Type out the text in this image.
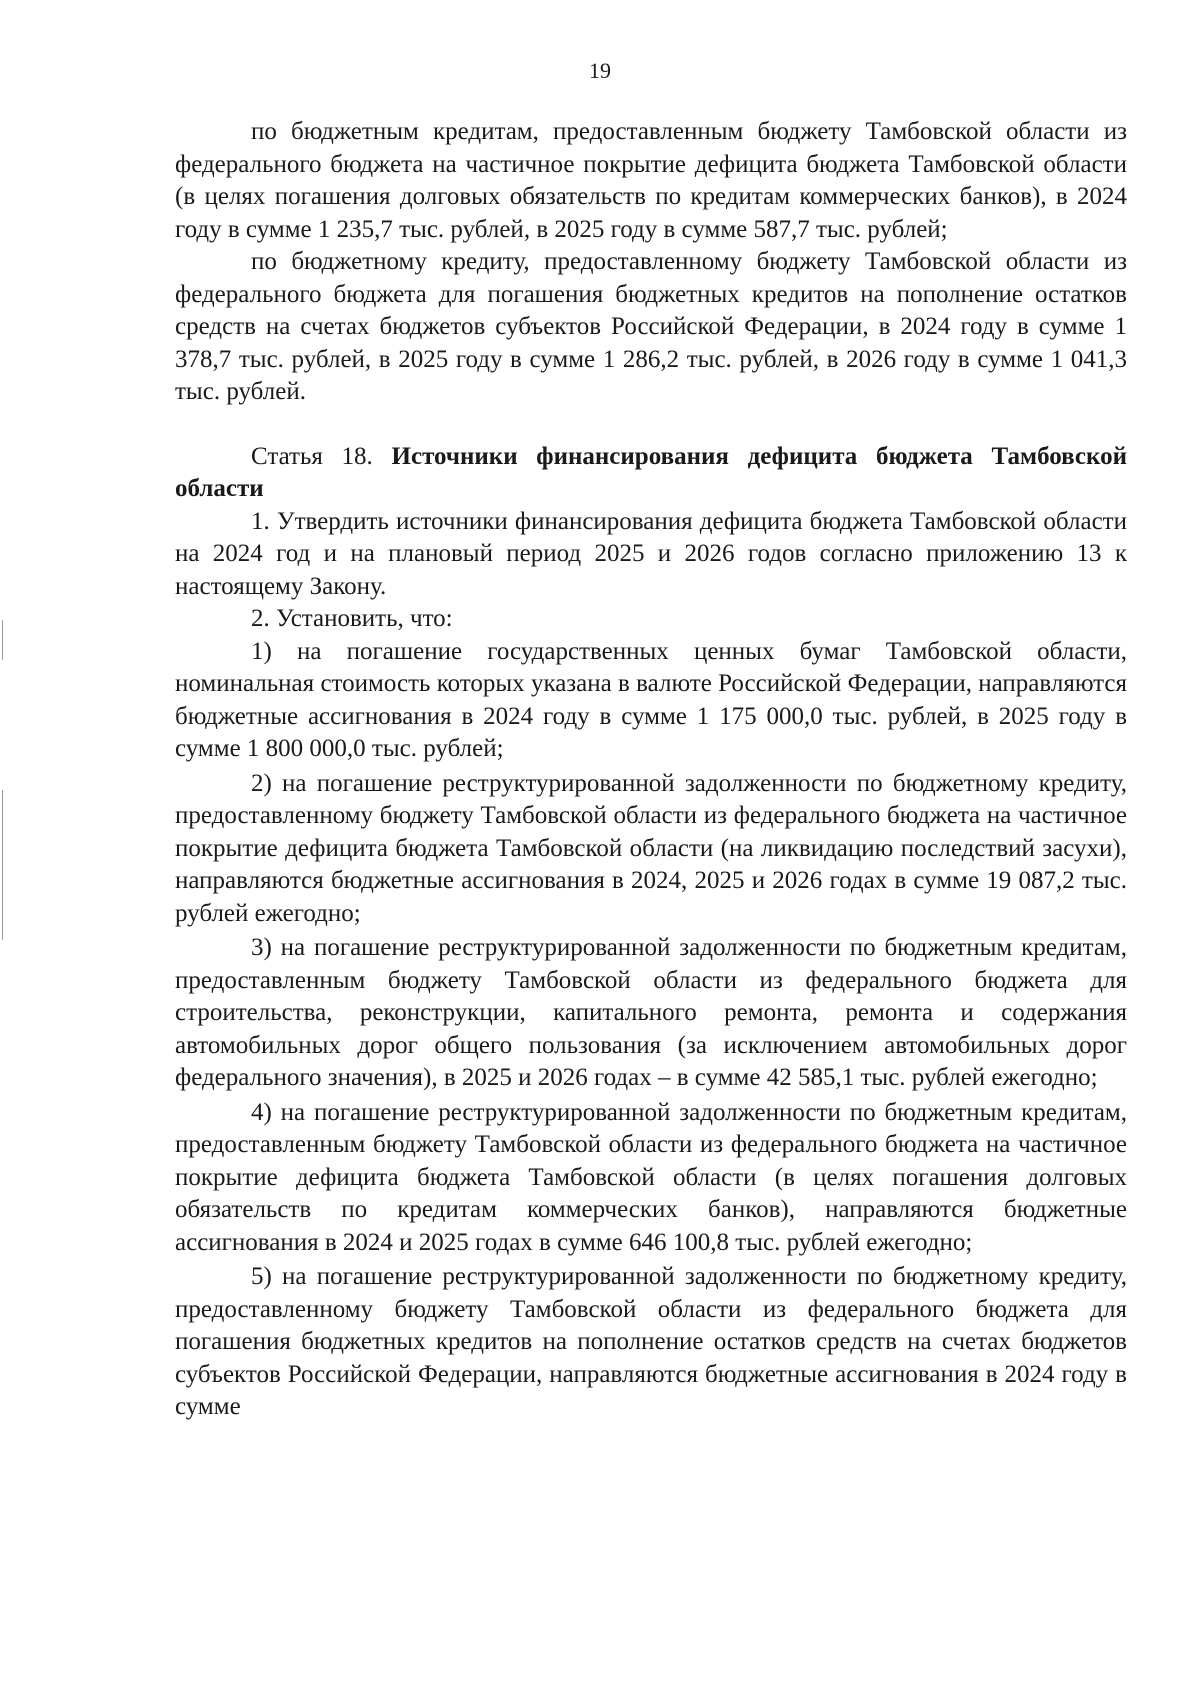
19

по бюджетным кредитам, предоставленным бюджету Тамбовской области из федерального бюджета на частичное покрытие дефицита бюджета Тамбовской области (в целях погашения долговых обязательств по кредитам коммерческих банков), в 2024 году в сумме 1 235,7 тыс. рублей, в 2025 году в сумме 587,7 тыс. рублей;

по бюджетному кредиту, предоставленному бюджету Тамбовской области из федерального бюджета для погашения бюджетных кредитов на пополнение остатков средств на счетах бюджетов субъектов Российской Федерации, в 2024 году в сумме 1 378,7 тыс. рублей, в 2025 году в сумме 1 286,2 тыс. рублей, в 2026 году в сумме 1 041,3 тыс. рублей.

Статья 18. Источники финансирования дефицита бюджета Тамбовской области

1. Утвердить источники финансирования дефицита бюджета Тамбовской области на 2024 год и на плановый период 2025 и 2026 годов согласно приложению 13 к настоящему Закону.

2. Установить, что:

1) на погашение государственных ценных бумаг Тамбовской области, номинальная стоимость которых указана в валюте Российской Федерации, направляются бюджетные ассигнования в 2024 году в сумме 1 175 000,0 тыс. рублей, в 2025 году в сумме 1 800 000,0 тыс. рублей;

2) на погашение реструктурированной задолженности по бюджетному кредиту, предоставленному бюджету Тамбовской области из федерального бюджета на частичное покрытие дефицита бюджета Тамбовской области (на ликвидацию последствий засухи), направляются бюджетные ассигнования в 2024, 2025 и 2026 годах в сумме 19 087,2 тыс. рублей ежегодно;

3) на погашение реструктурированной задолженности по бюджетным кредитам, предоставленным бюджету Тамбовской области из федерального бюджета для строительства, реконструкции, капитального ремонта, ремонта и содержания автомобильных дорог общего пользования (за исключением автомобильных дорог федерального значения), в 2025 и 2026 годах – в сумме 42 585,1 тыс. рублей ежегодно;

4) на погашение реструктурированной задолженности по бюджетным кредитам, предоставленным бюджету Тамбовской области из федерального бюджета на частичное покрытие дефицита бюджета Тамбовской области (в целях погашения долговых обязательств по кредитам коммерческих банков), направляются бюджетные ассигнования в 2024 и 2025 годах в сумме 646 100,8 тыс. рублей ежегодно;

5) на погашение реструктурированной задолженности по бюджетному кредиту, предоставленному бюджету Тамбовской области из федерального бюджета для погашения бюджетных кредитов на пополнение остатков средств на счетах бюджетов субъектов Российской Федерации, направляются бюджетные ассигнования в 2024 году в сумме
